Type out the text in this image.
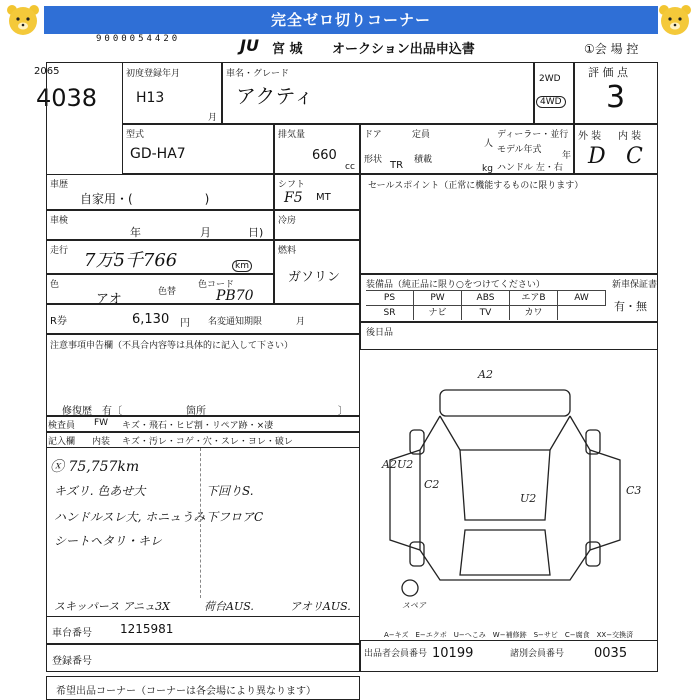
完全ゼロ切りコーナー
9000054420	JU 宮 城 オークション出品申込書	①会 場 控
2065
4038
初度登録年月
H13
月
車名・グレード
アクティ
2WD
4WD
評 価 点
3
型式
GD-HA7
排気量
660
cc
ドア	定員
人
形状 TR 積載
kg
ディーラー・並行
モデル年式
年
ハンドル 左・右
外 装 内 装
D C
車歴
自家用・(　　　　　　)
シフト
F5 MT
車検
年	月	日)
冷房
走行 7万5千766	km
燃料
ガソリン
色
アオ	色替
色コード
PB70
R券	6,130 円 名変通知期限	月
セールスポイント（正常に機能するものに限ります）
装備品（純正品に限り○をつけてください）	新車保証書
有・無
PS	PW	ABS	エアB	AW
SR	ナビ	TV	カワ
後日品
注意事項申告欄（不具合内容等は具体的に記入して下さい）
修復歴　有〔	箇所	〕
検査員 FW キズ・飛石・ヒビ割・リペア跡・×凄
記入欄 内装 キズ・汚レ・コゲ・穴・スレ・ヨレ・破レ
ⓧ 75,757km
キズリ. 色あせ大	下回りS.
ハンドルスレ大, ホニュうみ 下フロアC
シートヘタリ・キレ
スキッパース アニュ3X	荷台AUS.	アオリAUS.
A2
A2U2
C2
U2
C3
スペア
A−キズ　E−エクボ　U−へこみ　W−補修跡　S−サビ　C−腐食　XX−交換済
車台番号 1215981
登録番号
出品者会員番号 10199	諸別会員番号 0035
希望出品コーナー（コーナーは各会場により異なります）
